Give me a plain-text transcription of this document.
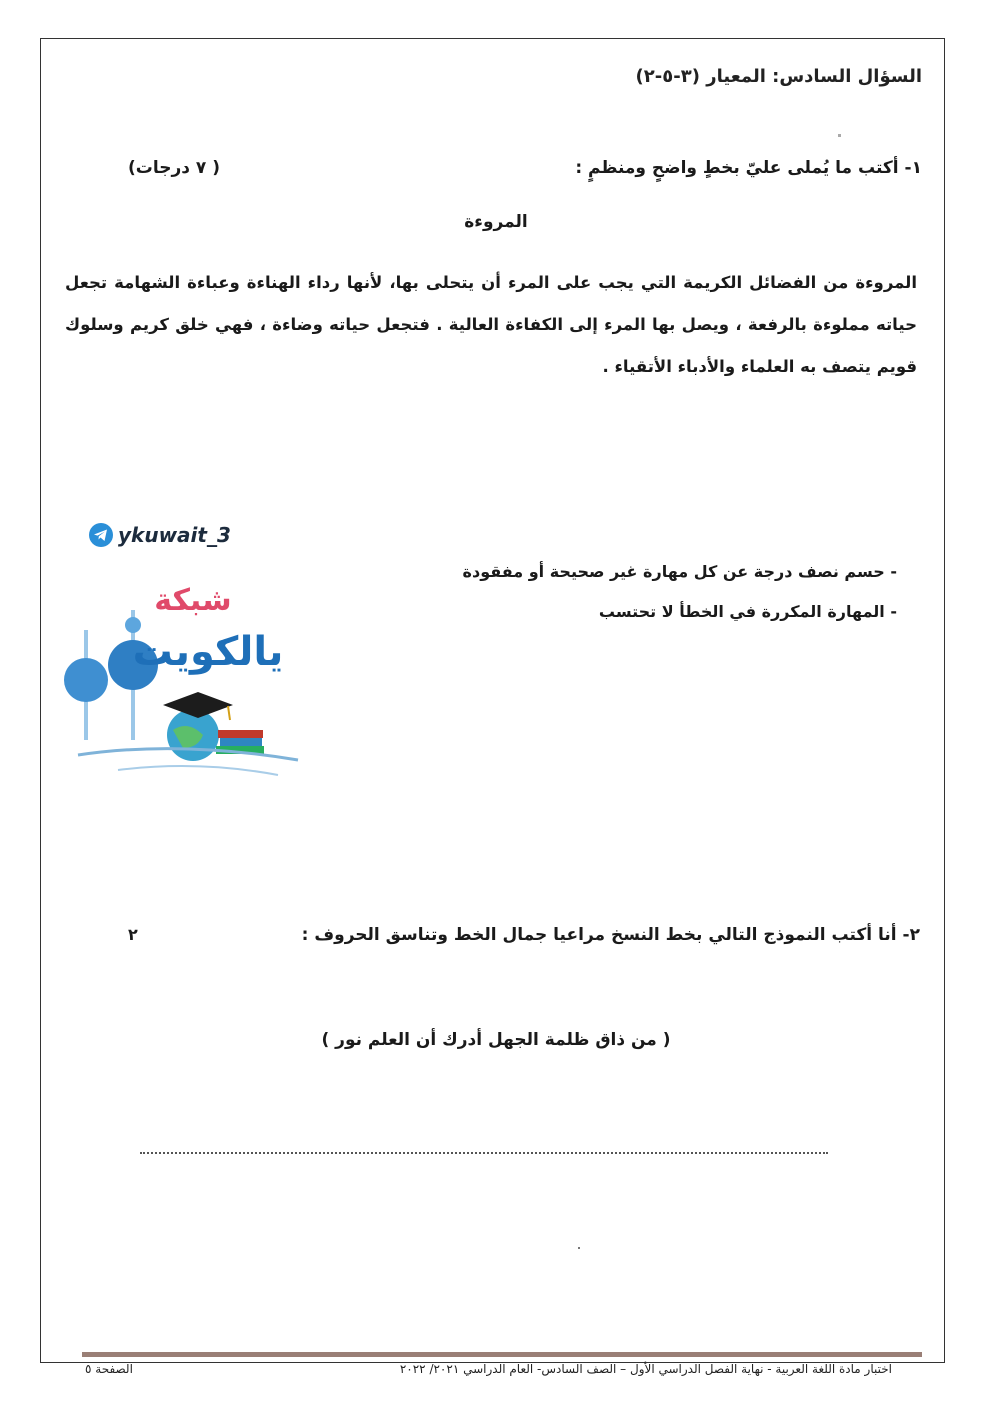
السؤال السادس: المعيار (٣-٥-٢)
١- أكتب ما يُملى عليّ بخطٍ واضحٍ ومنظمٍ :
( ٧ درجات)
المروءة
المروءة من الفضائل الكريمة التي يجب على المرء أن يتحلى بها، لأنها رداء الهناءة وعباءة الشهامة تجعل حياته مملوءة بالرفعة ، ويصل بها المرء إلى الكفاءة العالية . فتجعل حياته وضاءة ، فهي خلق كريم وسلوك قويم يتصف به العلماء والأدباء الأتقياء .
- حسم نصف درجة عن كل مهارة غير صحيحة أو مفقودة
- المهارة المكررة في الخطأ لا تحتسب
ykuwait_3
شبكة
يالكويت
٢- أنا أكتب النموذج التالي بخط النسخ مراعيا جمال الخط وتناسق الحروف :
٢
( من ذاق ظلمة الجهل أدرك أن العلم نور )
اختبار مادة اللغة العربية - نهاية الفصل الدراسي الأول – الصف السادس- العام الدراسي ٢٠٢١/ ٢٠٢٢
الصفحة ٥
